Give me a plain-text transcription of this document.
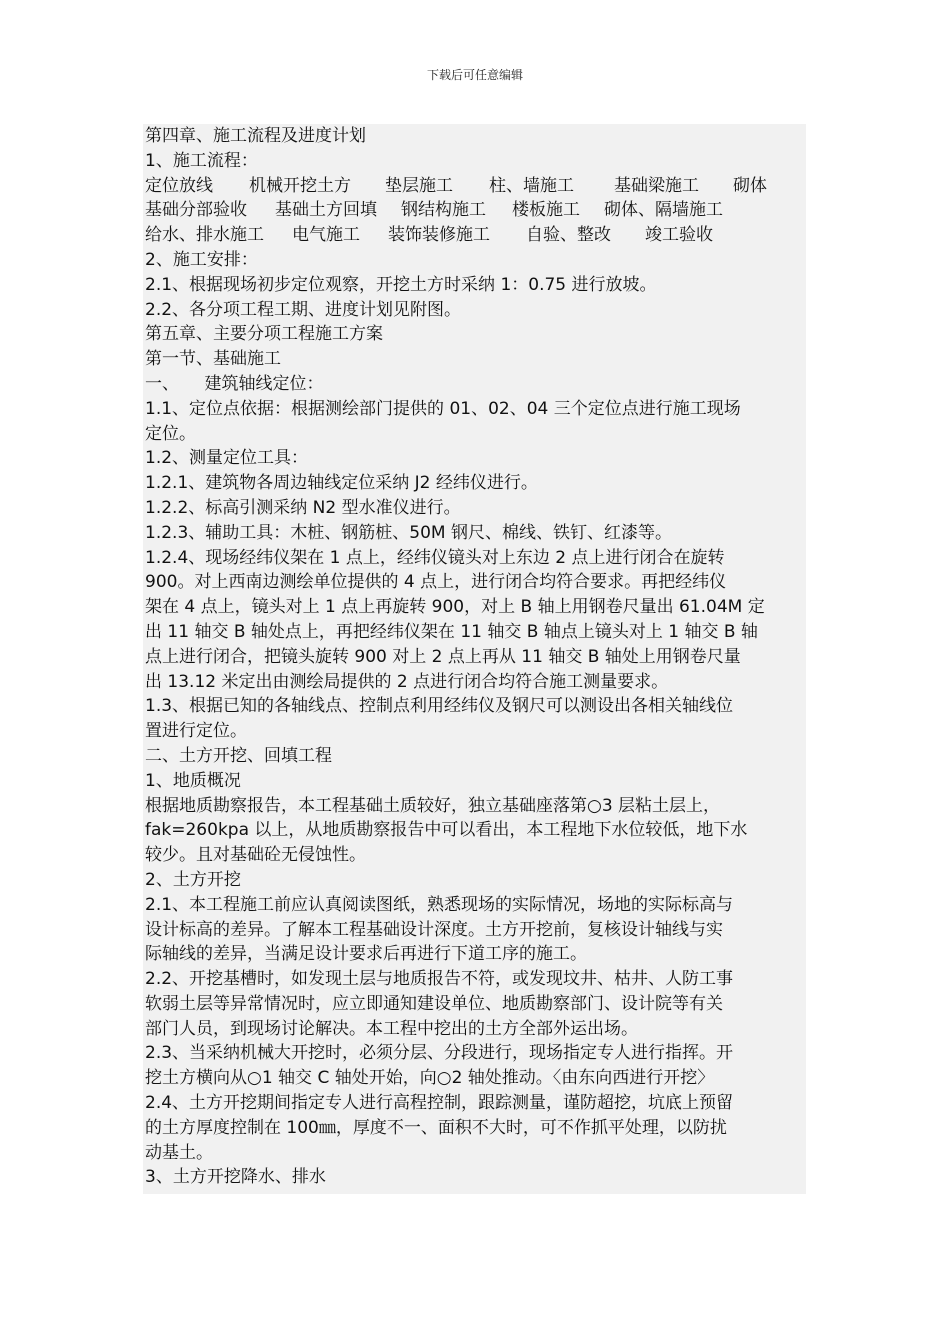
下载后可任意编辑
第四章、施工流程及进度计划
1、施工流程：
定位放线 机械开挖土方 垫层施工 柱、墙施工 基础梁施工 砌体
基础分部验收 基础土方回填 钢结构施工 楼板施工 砌体、隔墙施工
给水、排水施工 电气施工 装饰装修施工 自验、整改 竣工验收
2、施工安排：
2.1、根据现场初步定位观察，开挖土方时采纳 1：0.75 进行放坡。
2.2、各分项工程工期、进度计划见附图。
第五章、主要分项工程施工方案
第一节、基础施工
一、　　建筑轴线定位：
1.1、定位点依据：根据测绘部门提供的 01、02、04 三个定位点进行施工现场
定位。
1.2、测量定位工具：
1.2.1、建筑物各周边轴线定位采纳 J2 经纬仪进行。
1.2.2、标高引测采纳 N2 型水准仪进行。
1.2.3、辅助工具：木桩、钢筋桩、50M 钢尺、棉线、铁钉、红漆等。
1.2.4、现场经纬仪架在 1 点上，经纬仪镜头对上东边 2 点上进行闭合在旋转
900。对上西南边测绘单位提供的 4 点上，进行闭合均符合要求。再把经纬仪
架在 4 点上，镜头对上 1 点上再旋转 900，对上 B 轴上用钢卷尺量出 61.04M 定
出 11 轴交 B 轴处点上，再把经纬仪架在 11 轴交 B 轴点上镜头对上 1 轴交 B 轴
点上进行闭合，把镜头旋转 900 对上 2 点上再从 11 轴交 B 轴处上用钢卷尺量
出 13.12 米定出由测绘局提供的 2 点进行闭合均符合施工测量要求。
1.3、根据已知的各轴线点、控制点利用经纬仪及钢尺可以测设出各相关轴线位
置进行定位。
二、土方开挖、回填工程
1、地质概况
根据地质勘察报告，本工程基础土质较好，独立基础座落第○3 层粘土层上，
fak=260kpa 以上，从地质勘察报告中可以看出，本工程地下水位较低，地下水
较少。且对基础砼无侵蚀性。
2、土方开挖
2.1、本工程施工前应认真阅读图纸，熟悉现场的实际情况，场地的实际标高与
设计标高的差异。了解本工程基础设计深度。土方开挖前，复核设计轴线与实
际轴线的差异，当满足设计要求后再进行下道工序的施工。
2.2、开挖基槽时，如发现土层与地质报告不符，或发现坟井、枯井、人防工事
软弱土层等异常情况时，应立即通知建设单位、地质勘察部门、设计院等有关
部门人员，到现场讨论解决。本工程中挖出的土方全部外运出场。
2.3、当采纳机械大开挖时，必须分层、分段进行，现场指定专人进行指挥。开
挖土方横向从○1 轴交 C 轴处开始，向○2 轴处推动。〈由东向西进行开挖〉
2.4、土方开挖期间指定专人进行高程控制，跟踪测量，谨防超挖，坑底上预留
的土方厚度控制在 100㎜，厚度不一、面积不大时，可不作抓平处理，以防扰
动基土。
3、土方开挖降水、排水
